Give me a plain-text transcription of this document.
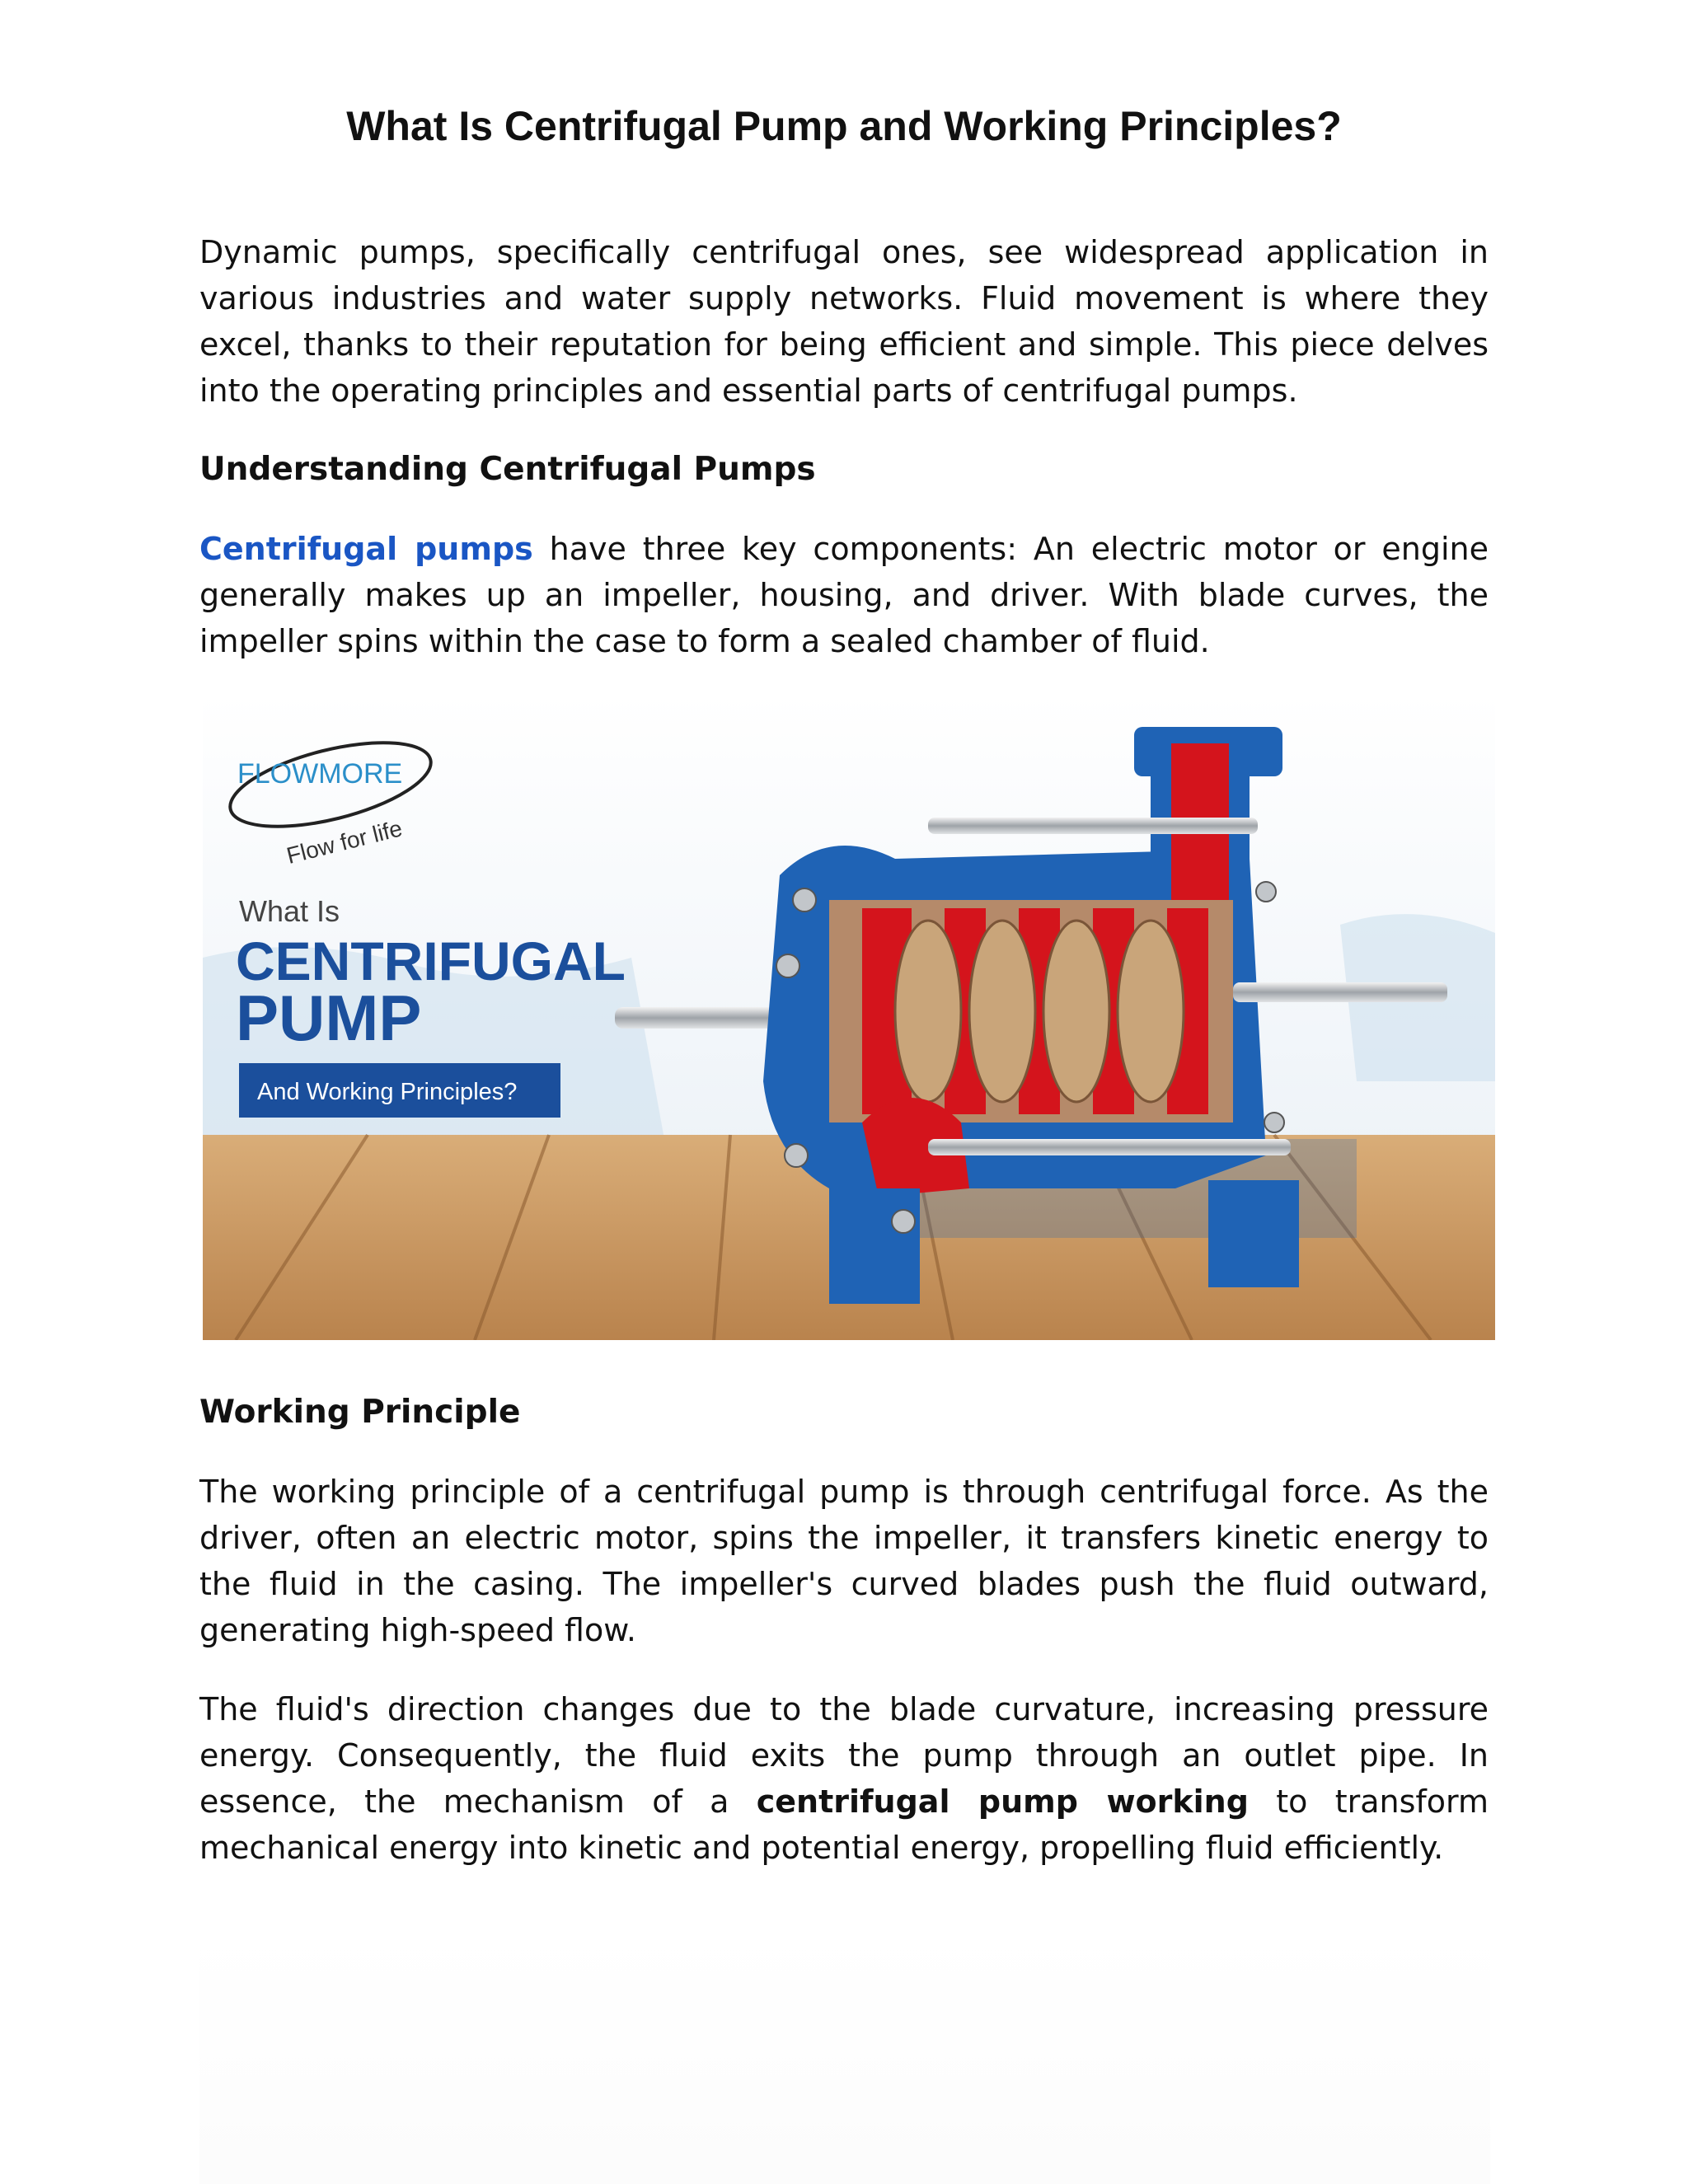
What Is Centrifugal Pump and Working Principles?

Dynamic pumps, specifically centrifugal ones, see widespread application in various industries and water supply networks. Fluid movement is where they excel, thanks to their reputation for being efficient and simple. This piece delves into the operating principles and essential parts of centrifugal pumps.

Understanding Centrifugal Pumps

Centrifugal pumps have three key components: An electric motor or engine generally makes up an impeller, housing, and driver. With blade curves, the impeller spins within the case to form a sealed chamber of fluid.

FLOWMORE
Flow for life
What Is
CENTRIFUGAL
PUMP
And Working Principles?
Working Principle

The working principle of a centrifugal pump is through centrifugal force. As the driver, often an electric motor, spins the impeller, it transfers kinetic energy to the fluid in the casing. The impeller's curved blades push the fluid outward, generating high-speed flow.

The fluid's direction changes due to the blade curvature, increasing pressure energy. Consequently, the fluid exits the pump through an outlet pipe. In essence, the mechanism of a centrifugal pump working to transform mechanical energy into kinetic and potential energy, propelling fluid efficiently.
